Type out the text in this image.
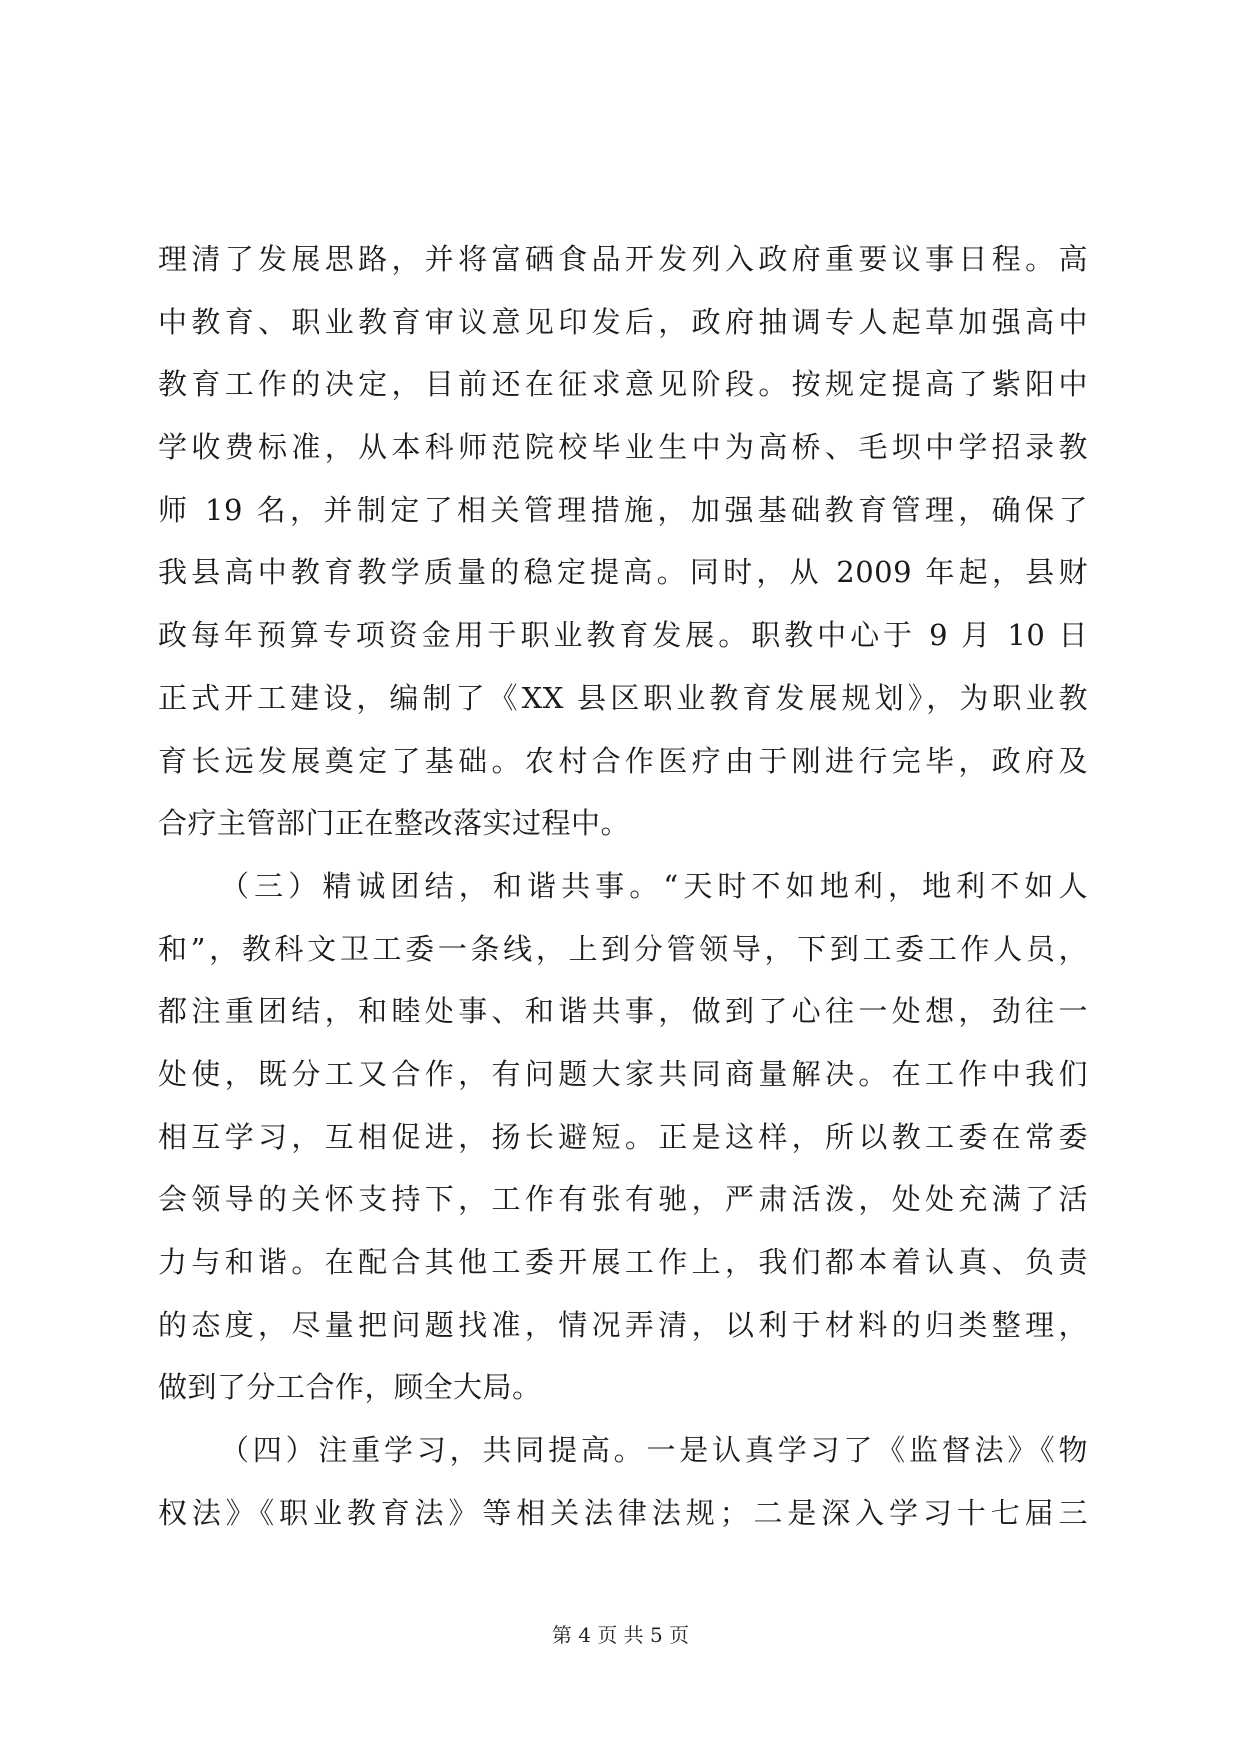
理清了发展思路，并将富硒食品开发列入政府重要议事日程。高
中教育、职业教育审议意见印发后，政府抽调专人起草加强高中
教育工作的决定，目前还在征求意见阶段。按规定提高了紫阳中
学收费标准，从本科师范院校毕业生中为高桥、毛坝中学招录教
师 19 名，并制定了相关管理措施，加强基础教育管理，确保了
我县高中教育教学质量的稳定提高。同时，从 2009 年起，县财
政每年预算专项资金用于职业教育发展。职教中心于 9 月 10 日
正式开工建设，编制了《XX 县区职业教育发展规划》，为职业教
育长远发展奠定了基础。农村合作医疗由于刚进行完毕，政府及
合疗主管部门正在整改落实过程中。
（三）精诚团结，和谐共事。“天时不如地利，地利不如人
和”，教科文卫工委一条线，上到分管领导，下到工委工作人员，
都注重团结，和睦处事、和谐共事，做到了心往一处想，劲往一
处使，既分工又合作，有问题大家共同商量解决。在工作中我们
相互学习，互相促进，扬长避短。正是这样，所以教工委在常委
会领导的关怀支持下，工作有张有驰，严肃活泼，处处充满了活
力与和谐。在配合其他工委开展工作上，我们都本着认真、负责
的态度，尽量把问题找准，情况弄清，以利于材料的归类整理，
做到了分工合作，顾全大局。
（四）注重学习，共同提高。一是认真学习了《监督法》《物
权法》《职业教育法》等相关法律法规；二是深入学习十七届三
第 4 页 共 5 页
